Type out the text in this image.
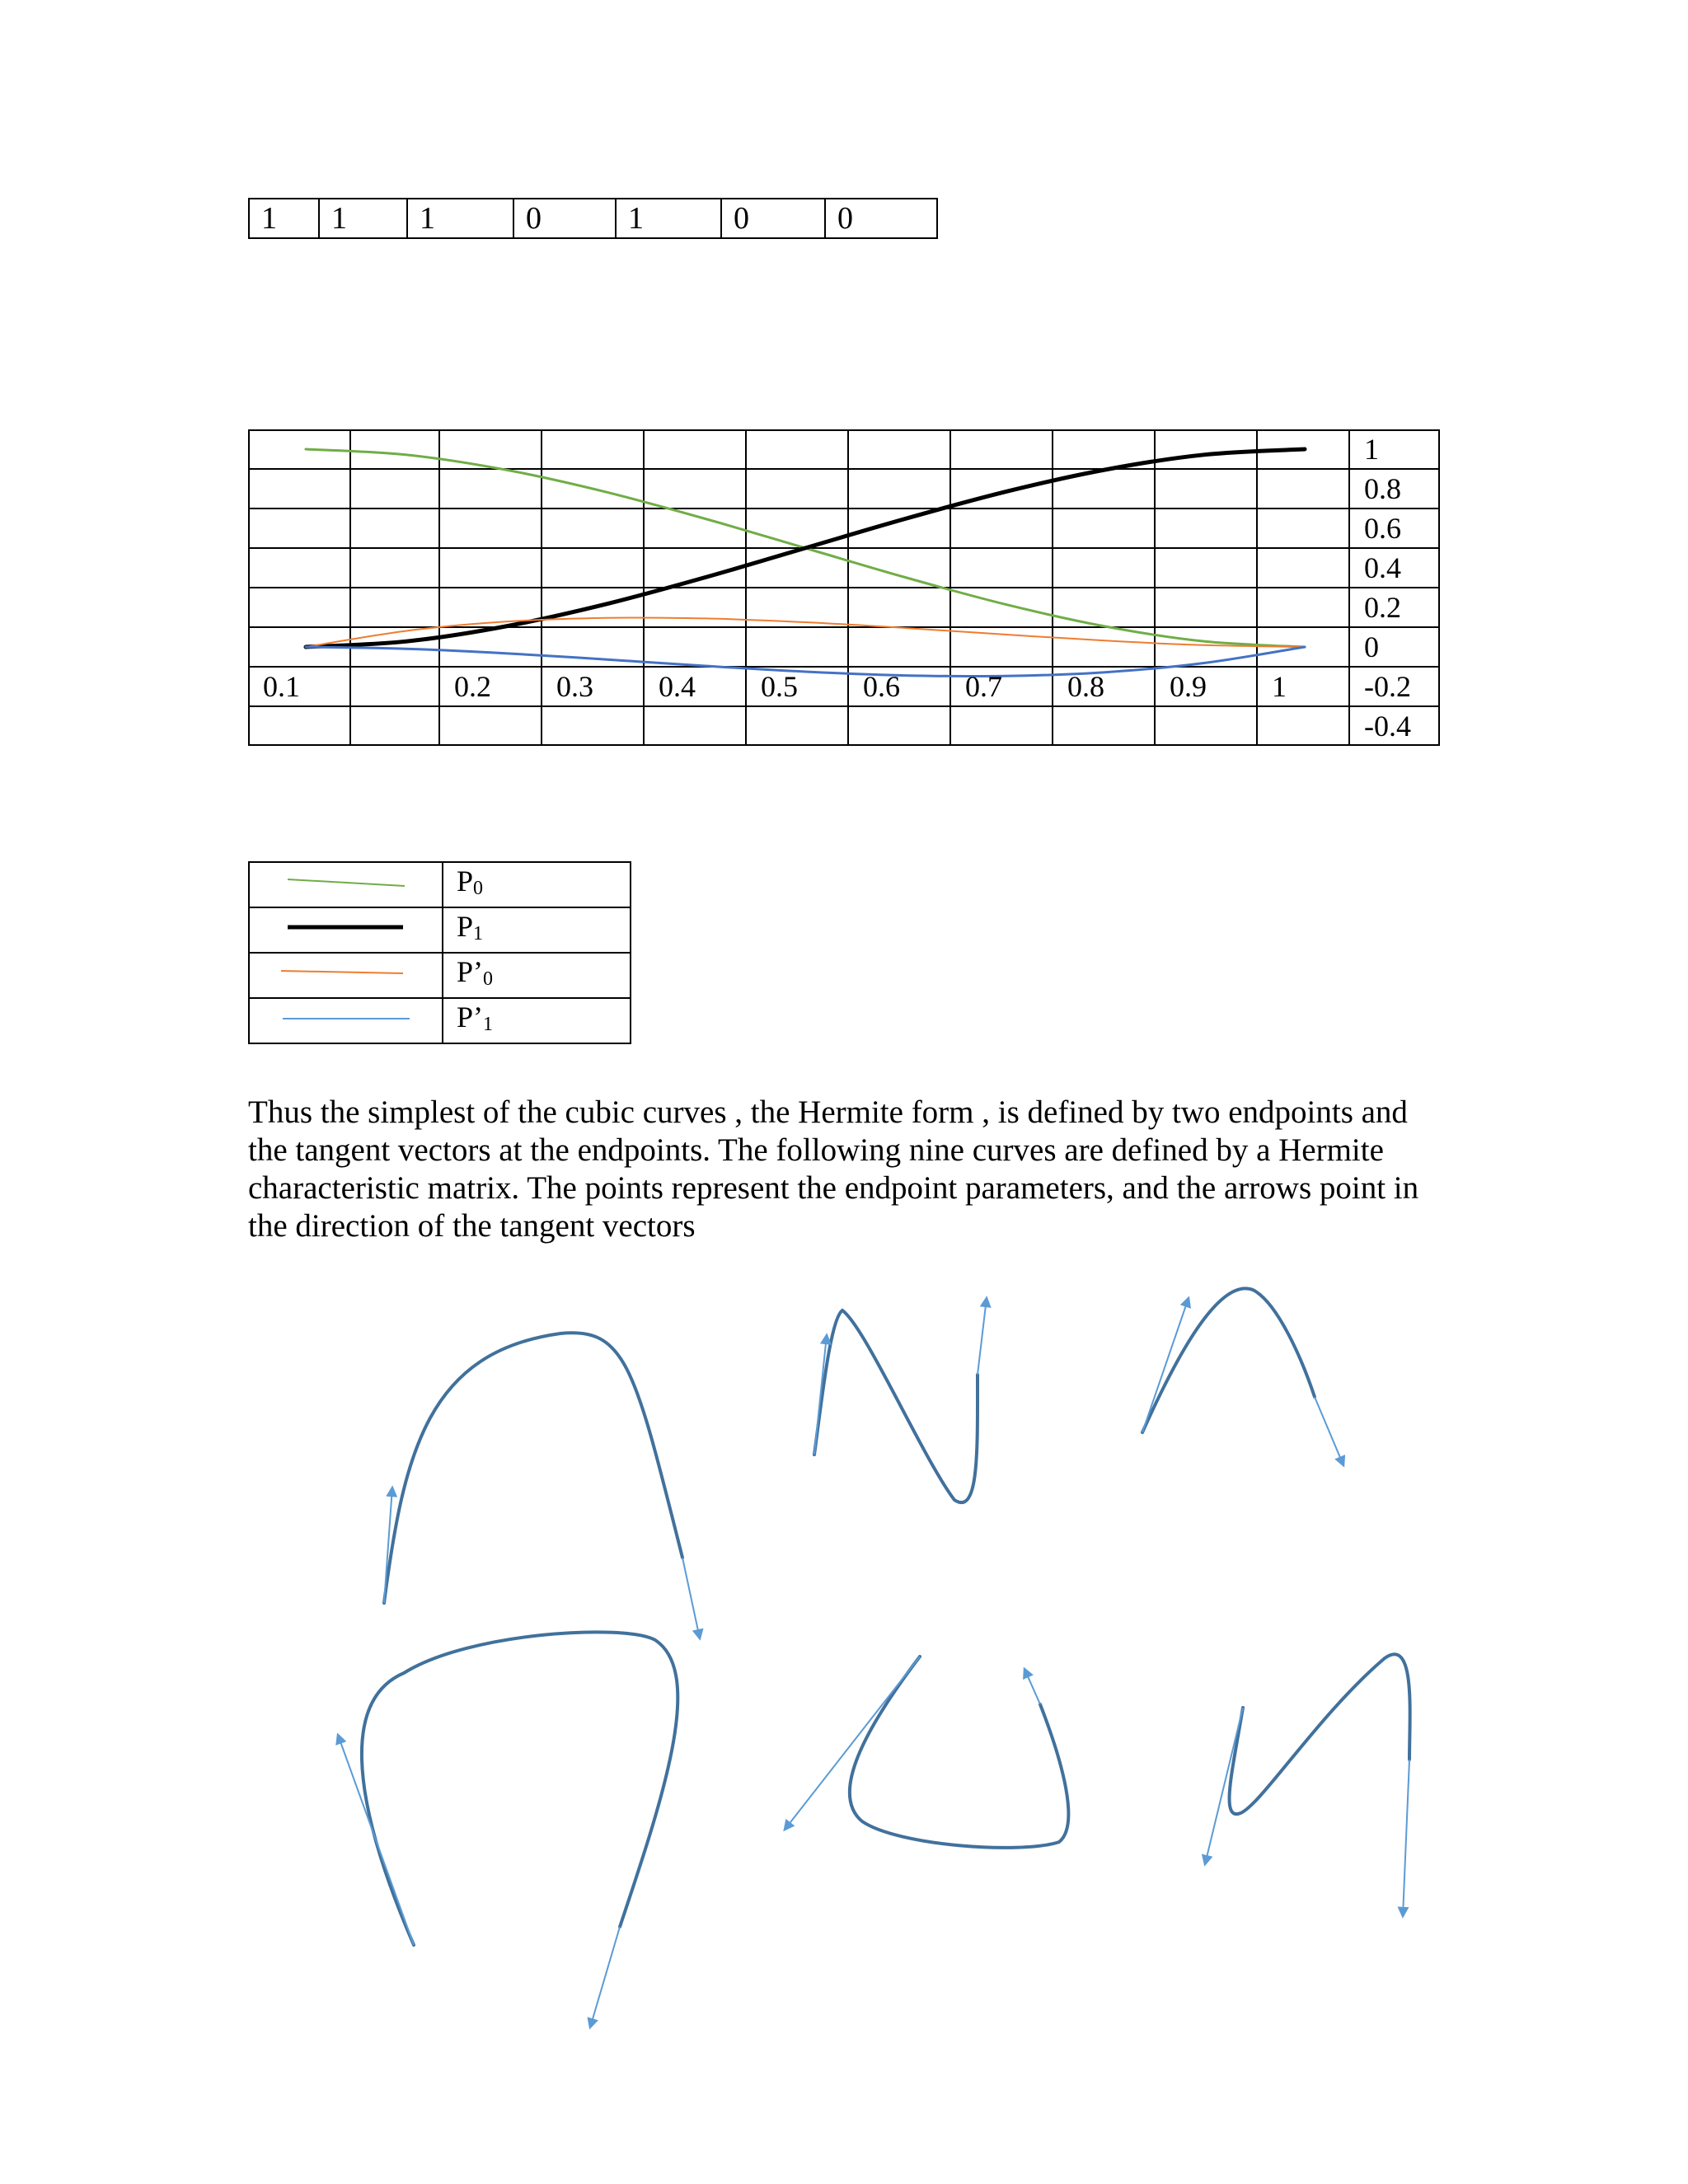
1	1	1	0	1	0	0
0.1	0.2 0.3 0.4 0.5 0.6 0.7 0.8 0.9 1
1
0.8
0.6
0.4
0.2
0
-0.2
-0.4
	$P_0$
	$P_1$
	$P’_0$
	$P’_1$
Thus the simplest of the cubic curves , the Hermite form , is defined by two endpoints and the tangent vectors at the endpoints. The following nine curves are defined by a Hermite characteristic matrix. The points represent the endpoint parameters, and the arrows point in the direction of the tangent vectors
